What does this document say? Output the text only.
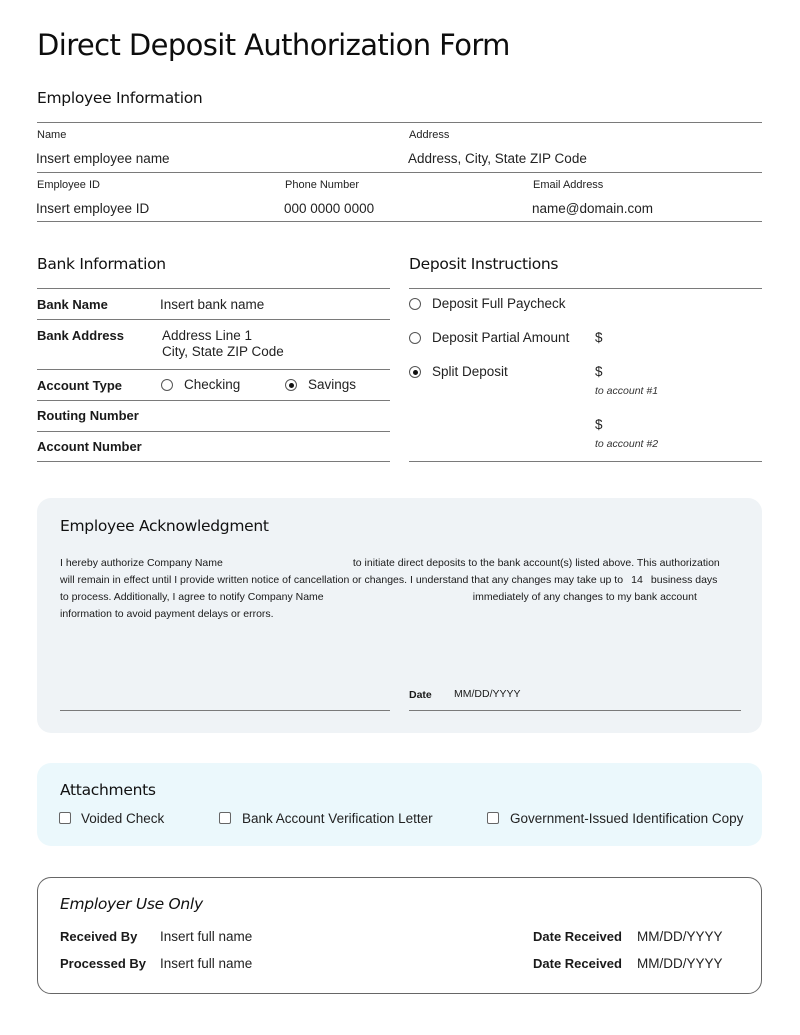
Direct Deposit Authorization Form
Employee Information
Name
Insert employee name
Address
Address, City, State ZIP Code
Employee ID
Insert employee ID
Phone Number
000 0000 0000
Email Address
name@domain.com
Bank Information
Bank Name	Insert bank name
Bank Address	Address Line 1
City, State ZIP Code
Account Type	Checking	Savings
Routing Number
Account Number
Deposit Instructions
Deposit Full Paycheck
Deposit Partial Amount $
Split Deposit	$
to account #1
$
to account #2
Employee Acknowledgment
I hereby authorize Company Name	to initiate direct deposits to the bank account(s) listed above. This authorization
will remain in effect until I provide written notice of cancellation or changes. I understand that any changes may take up to 14 business days
to process. Additionally, I agree to notify Company Name	immediately of any changes to my bank account
information to avoid payment delays or errors.
Date MM/DD/YYYY
Attachments
Voided Check	Bank Account Verification Letter	Government-Issued Identification Copy
Employer Use Only
Received By Insert full name	Date Received MM/DD/YYYY
Processed By Insert full name	Date Received MM/DD/YYYY
